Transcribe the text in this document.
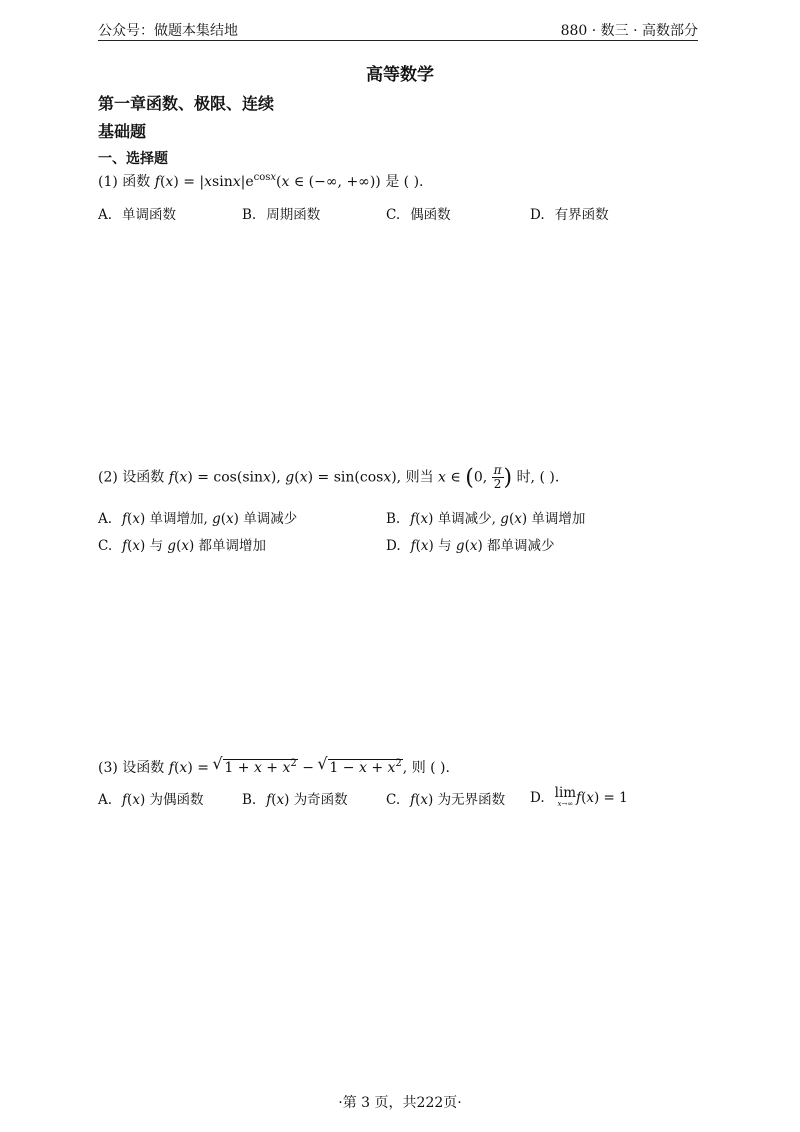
公众号：做题本集结地	880 · 数三 · 高数部分
高等数学
第一章函数、极限、连续
基础题
一、选择题
(1) 函数 $f(x) = |xsinx|e^{cosx}(x$ ∈ (−∞, +∞)) 是 ( ).
A. 单调函数	B. 周期函数	C. 偶函数	D. 有界函数
(2) 设函数 f(x) = cos(sinx), g(x) = sin(cosx), 则当 x ∈ (0, $\frac{\pi}{2}$ ) 时, ( ).
A. f(x) 单调增加, g(x) 单调减少	B. f(x) 单调减少, g(x) 单调增加
C. f(x) 与 g(x) 都单调增加	D. f(x) 与 g(x) 都单调减少
(3) 设函数 f(x) = √ $1 + x + x^2$ − √ $1 - x + x^2$, 则 ( ).
A. f(x) 为偶函数	B. f(x) 为奇函数	C. f(x) 为无界函数 D. lim
x→∞ f(x) = 1
·第 3 页，共222页·
